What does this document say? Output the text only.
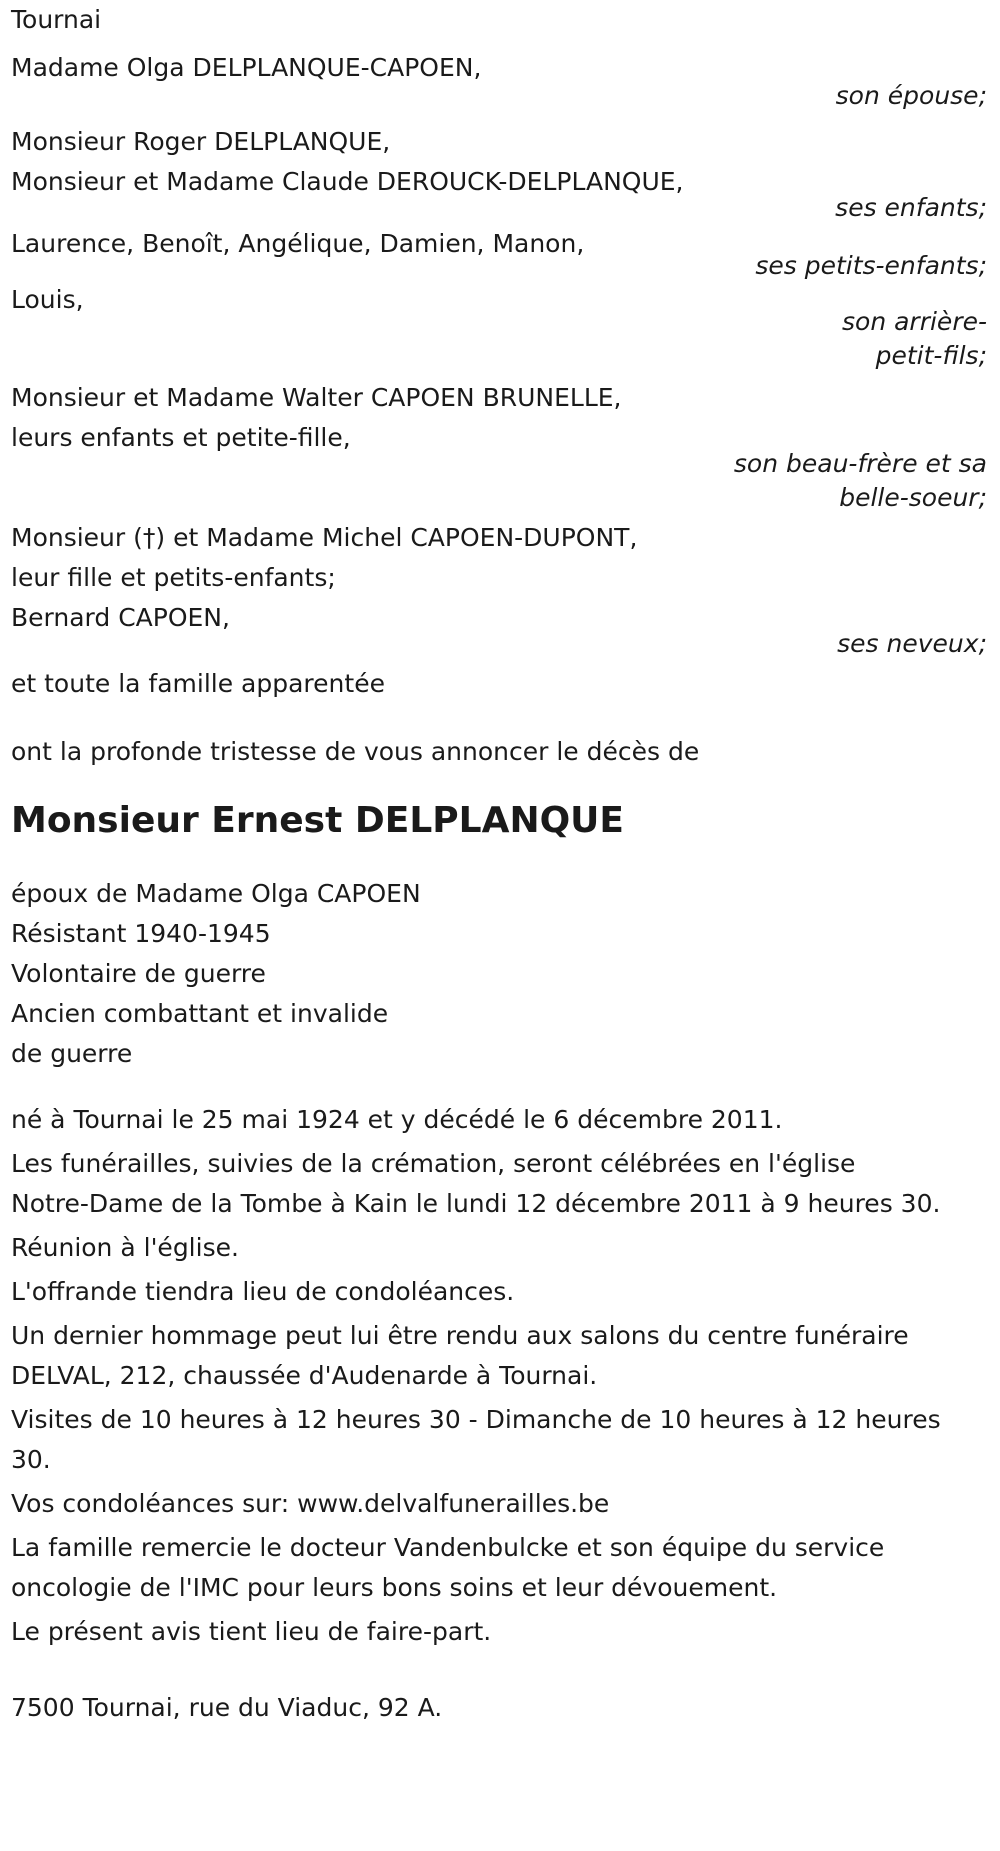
Tournai
Madame Olga DELPLANQUE-CAPOEN,
son épouse;
Monsieur Roger DELPLANQUE,
Monsieur et Madame Claude DEROUCK-DELPLANQUE,
ses enfants;
Laurence, Benoît, Angélique, Damien, Manon,
ses petits-enfants;
Louis,
son arrière-
petit-fils;
Monsieur et Madame Walter CAPOEN BRUNELLE,
leurs enfants et petite-fille,
son beau-frère et sa
belle-soeur;
Monsieur (†) et Madame Michel CAPOEN-DUPONT,
leur fille et petits-enfants;
Bernard CAPOEN,
ses neveux;
et toute la famille apparentée
ont la profonde tristesse de vous annoncer le décès de
Monsieur Ernest DELPLANQUE
époux de Madame Olga CAPOEN
Résistant 1940-1945
Volontaire de guerre
Ancien combattant et invalide
de guerre
né à Tournai le 25 mai 1924 et y décédé le 6 décembre 2011.
Les funérailles, suivies de la crémation, seront célébrées en l'église
Notre-Dame de la Tombe à Kain le lundi 12 décembre 2011 à 9 heures 30.
Réunion à l'église.
L'offrande tiendra lieu de condoléances.
Un dernier hommage peut lui être rendu aux salons du centre funéraire
DELVAL, 212, chaussée d'Audenarde à Tournai.
Visites de 10 heures à 12 heures 30 - Dimanche de 10 heures à 12 heures
30.
Vos condoléances sur: www.delvalfunerailles.be
La famille remercie le docteur Vandenbulcke et son équipe du service
oncologie de l'IMC pour leurs bons soins et leur dévouement.
Le présent avis tient lieu de faire-part.
7500 Tournai, rue du Viaduc, 92 A.
